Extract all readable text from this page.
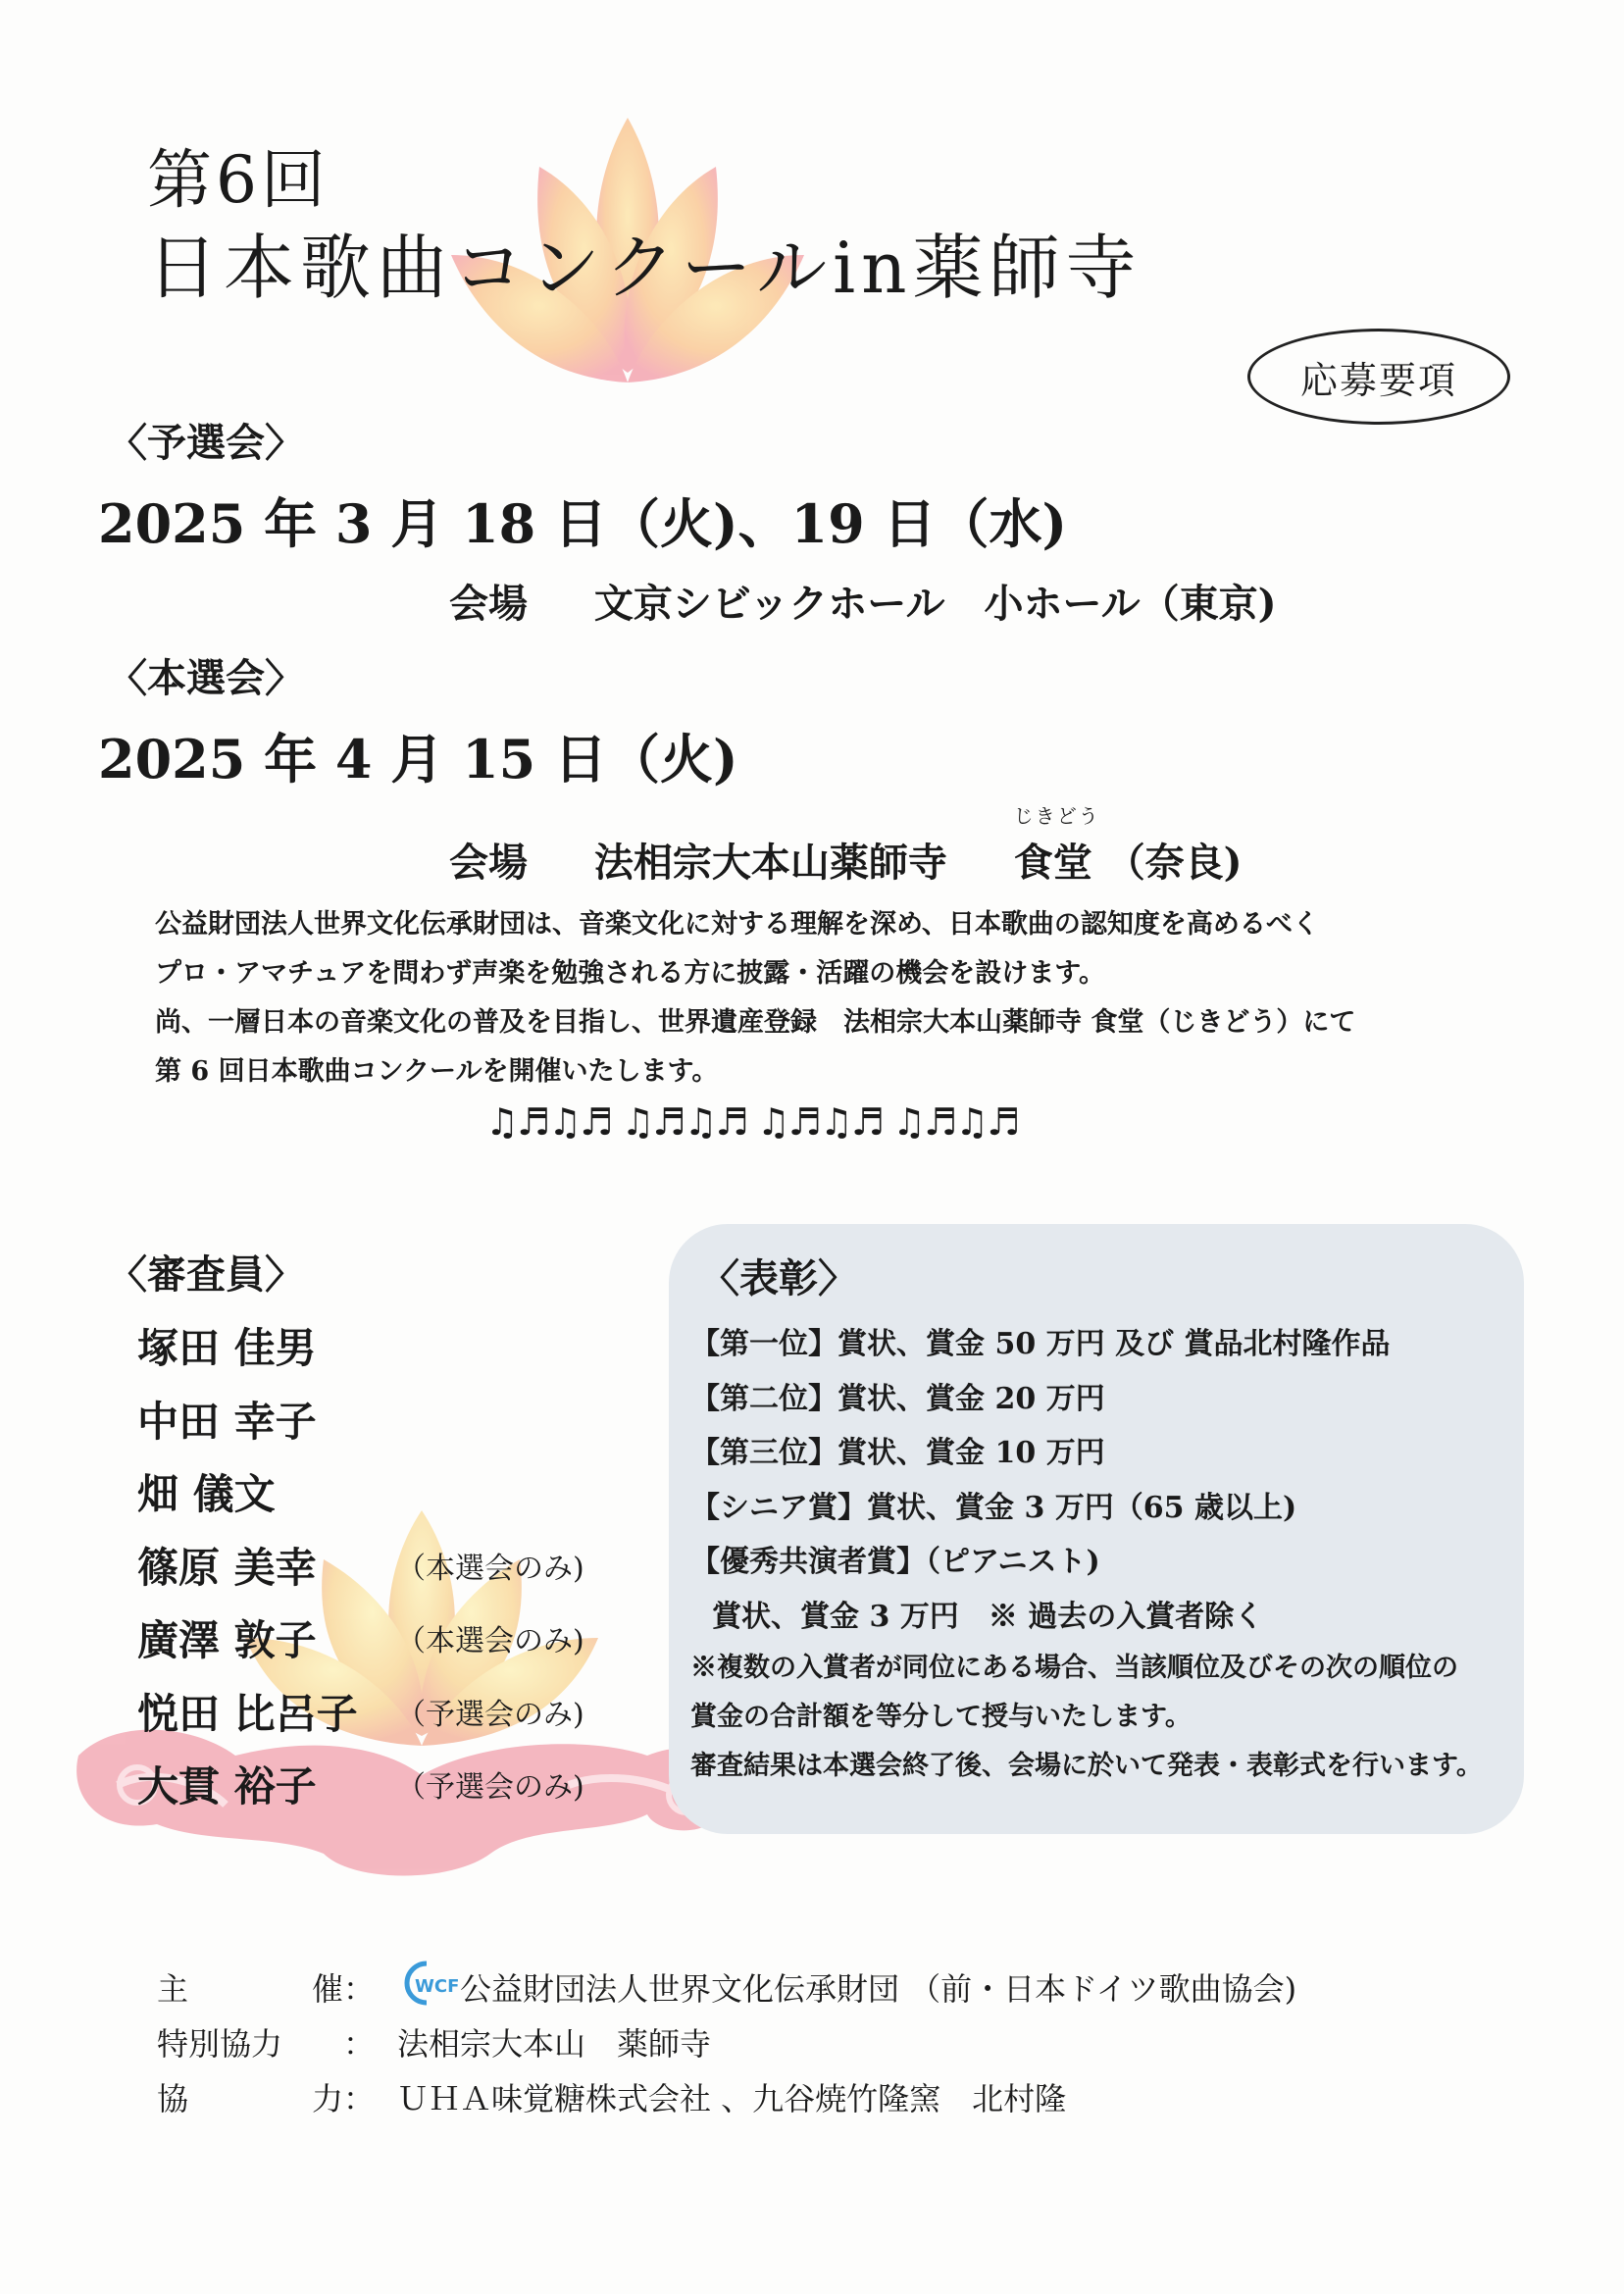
第6回
日本歌曲コンクールin薬師寺
応募要項
〈予選会〉
2025 年 3 月 18 日（火)、19 日（水)
会場 文京シビックホール　小ホール（東京)
〈本選会〉
2025 年 4 月 15 日（火)
会場 法相宗大本山薬師寺
じきどう
食堂 （奈良)
公益財団法人世界文化伝承財団は、音楽文化に対する理解を深め、日本歌曲の認知度を高めるべく
プロ・アマチュアを問わず声楽を勉強される方に披露・活躍の機会を設けます。
尚、一層日本の音楽文化の普及を目指し、世界遺産登録　法相宗大本山薬師寺 食堂（じきどう）にて
第 6 回日本歌曲コンクールを開催いたします。
♫♬♫♬ ♫♬♫♬ ♫♬♫♬ ♫♬♫♬
〈審査員〉
塚田 佳男
中田 幸子
畑 儀文
篠原 美幸	（本選会のみ)
廣澤 敦子	（本選会のみ)
悦田 比呂子	（予選会のみ)
大貫 裕子	（予選会のみ)
〈表彰〉
【第一位】賞状、賞金 50 万円 及び 賞品北村隆作品
【第二位】賞状、賞金 20 万円
【第三位】賞状、賞金 10 万円
【シニア賞】賞状、賞金 3 万円（65 歳以上)
【優秀共演者賞】（ピアニスト)
賞状、賞金 3 万円　※ 過去の入賞者除く
※複数の入賞者が同位にある場合、当該順位及びその次の順位の
賞金の合計額を等分して授与いたします。
審査結果は本選会終了後、会場に於いて発表・表彰式を行います。
主	催 ：	WCF 公益財団法人世界文化伝承財団 （前・日本ドイツ歌曲協会)
特別協力	： 法相宗大本山　薬師寺
協	力 ： ＵＨＡ味覚糖株式会社 、九谷焼竹隆窯　北村隆
